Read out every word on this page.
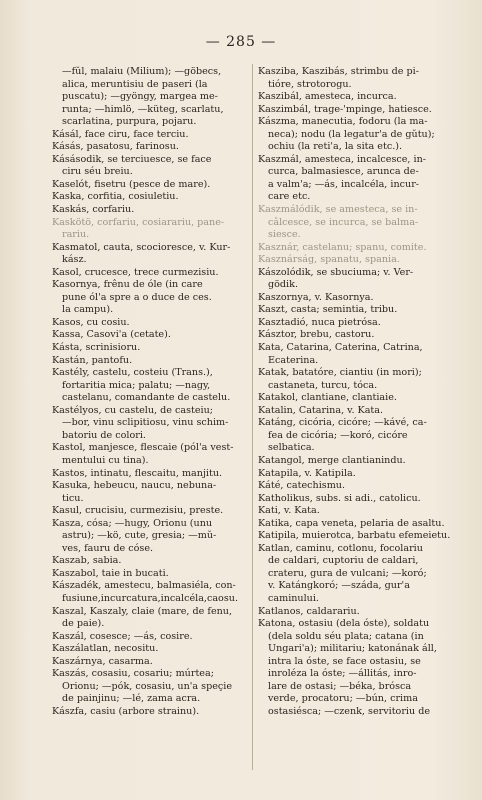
— 285 —
—fŭl, malaiu (Milium); —göbecs,
alica, meruntisiu de paseri (la
puscatu); —gyöngy, margea me-
runta; —himlö, —küteg, scarlatu,
scarlatina, purpura, pojaru.
Kásál, face ciru, face terciu.
Kásás, pasatosu, farinosu.
Kásásodik, se terciuesce, se face
ciru séu breiu.
Kaselót, fisetru (pesce de mare).
Kaska, corfitia, cosiuletiu.
Kaskás, corfariu.
Kaskötö, corfariu, cosiarariu, pane-
rariu.
Kasmatol, cauta, scociorescе, v. Kur-
kász.
Kasol, crucesce, trece curmezisiu.
Kasornya, frênu de óle (in care
pune ól'a spre a o duce de ces.
la campu).
Kasos, cu cosiu.
Kassa, Casovi'a (cetate).
Kásta, scrinisioru.
Kastán, pantofu.
Kastély, castelu, costeiu (Trans.),
fortaritia mica; palatu; —nagy,
castelanu, comandante de castelu.
Kastélyos, cu castelu, de casteiu;
—bor, vinu sclipitiosu, vinu schim-
batoriu de colori.
Kastol, manjesce, flescaie (pól'a vest-
mentului cu tina).
Kastos, intinatu, flescaitu, manjitu.
Kasuka, hebeucu, naucu, nebuna-
ticu.
Kasul, crucisiu, curmezisiu, preste.
Kasza, cósa; —hugy, Orionu (unu
astru); —kö, cute, gresia; —mŭ-
ves, fauru de cóse.
Kaszab, sabia.
Kaszabol, taie in bucati.
Kászadék, amestecu, balmasiéla, con-
fusiune,incurcatura,incalcéla,caosu.
Kaszal, Kaszaly, claie (mare, de fenu,
de paie).
Kaszál, cosesce; —ás, cosire.
Kaszálatlan, necositu.
Kaszárnya, casarma.
Kaszás, cosasiu, cosariu; múrtea;
Orionu; —pók, cosasiu, un'a speçie
de painjinu; —lé, zama acra.
Kászfa, casiu (arbore strainu).
Kasziba, Kaszibás, strimbu de pi-
tióre, strotorogu.
Kaszibál, amesteca, incurca.
Kaszimbál, trage-'mpinge, hatiesce.
Kászma, manecutia, fodoru (la ma-
neca); nodu (la legatur'a de gŭtu);
ochiu (la reti'a, la sita etc.).
Kaszmál, amesteca, incalcesce, in-
curca, balmasiesce, arunca de-
a valm'a; —ás, incalcéla, incur-
care etc.
Kaszmálódik, se amesteca, se in-
câlcesce, se incurca, se balma-
siesce.
Kasznár, castelanu; spanu, comite.
Kasznárság, spanatu, spania.
Kászolódik, se sbuciuma; v. Ver-
gödik.
Kaszornya, v. Kasornya.
Kaszt, casta; semintia, tribu.
Kasztadió, nuca pietrósa.
Kásztor, brebu, castoru.
Kata, Catarina, Caterina, Catrina,
Ecaterina.
Katak, batatóre, ciantiu (in mori);
castaneta, turcu, tóca.
Katakol, clantiane, clantiaie.
Katalin, Catarina, v. Kata.
Katáng, cicória, cicóre; —kávé, ca-
fea de cicória; —koró, cicóre
selbatica.
Katangol, merge clantianindu.
Katapila, v. Katipila.
Káté, catechismu.
Katholikus, subs. si adi., catolicu.
Kati, v. Kata.
Katika, capa veneta, pelaria de asaltu.
Katipila, muierotca, barbatu efemeietu.
Katlan, caminu, cotlonu, focolariu
de caldari, cuptoriu de caldari,
crateru, gura de vulcani; —koró;
v. Katángkoró; —száda, gur'a
caminului.
Katlanos, caldarariu.
Katona, ostasiu (dela óste), soldatu
(dela soldu séu plata; catana (in
Ungari'a); militariu; katonának áll,
intra la óste, se face ostasiu, se
inroléza la óste; —állitás, inro-
lare de ostasi; —béka, brósca
verde, procatoru; —bún, crima
ostasiésca; —czenk, servitoriu de
